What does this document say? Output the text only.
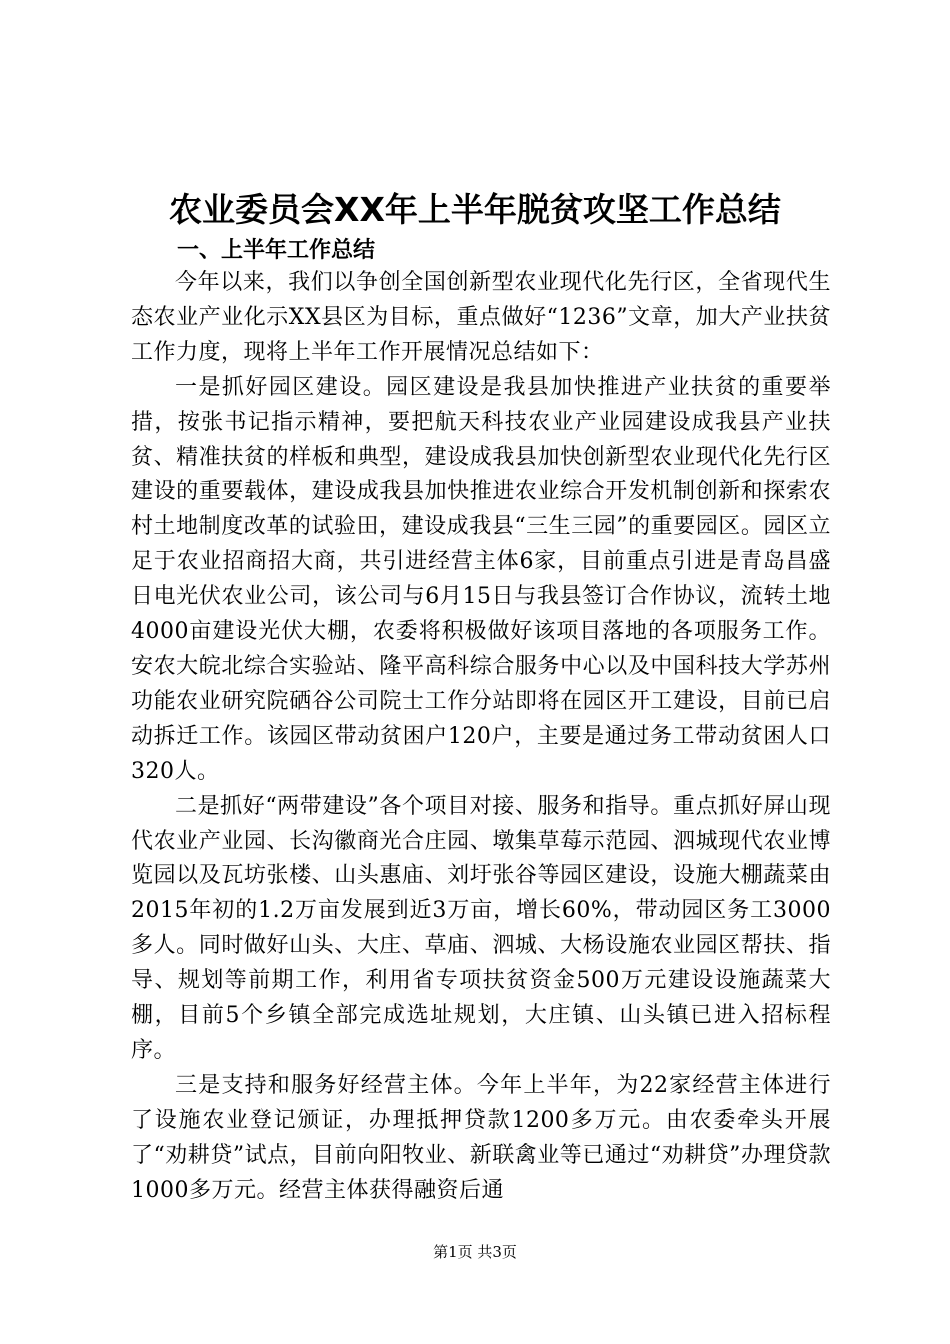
农业委员会XX年上半年脱贫攻坚工作总结
一、上半年工作总结

今年以来，我们以争创全国创新型农业现代化先行区，全省现代生态农业产业化示XX县区为目标，重点做好“1236”文章，加大产业扶贫工作力度，现将上半年工作开展情况总结如下：

一是抓好园区建设。园区建设是我县加快推进产业扶贫的重要举措，按张书记指示精神，要把航天科技农业产业园建设成我县产业扶贫、精准扶贫的样板和典型，建设成我县加快创新型农业现代化先行区建设的重要载体，建设成我县加快推进农业综合开发机制创新和探索农村土地制度改革的试验田，建设成我县“三生三园”的重要园区。园区立足于农业招商招大商，共引进经营主体6家，目前重点引进是青岛昌盛日电光伏农业公司，该公司与6月15日与我县签订合作协议，流转土地4000亩建设光伏大棚，农委将积极做好该项目落地的各项服务工作。安农大皖北综合实验站、隆平高科综合服务中心以及中国科技大学苏州功能农业研究院硒谷公司院士工作分站即将在园区开工建设，目前已启动拆迁工作。该园区带动贫困户120户，主要是通过务工带动贫困人口320人。

二是抓好“两带建设”各个项目对接、服务和指导。重点抓好屏山现代农业产业园、长沟徽商光合庄园、墩集草莓示范园、泗城现代农业博览园以及瓦坊张楼、山头惠庙、刘圩张谷等园区建设，设施大棚蔬菜由2015年初的1.2万亩发展到近3万亩，增长60%，带动园区务工3000多人。同时做好山头、大庄、草庙、泗城、大杨设施农业园区帮扶、指导、规划等前期工作，利用省专项扶贫资金500万元建设设施蔬菜大棚，目前5个乡镇全部完成选址规划，大庄镇、山头镇已进入招标程序。

三是支持和服务好经营主体。今年上半年，为22家经营主体进行了设施农业登记颁证，办理抵押贷款1200多万元。由农委牵头开展了“劝耕贷”试点，目前向阳牧业、新联禽业等已通过“劝耕贷”办理贷款1000多万元。经营主体获得融资后通

第1页 共3页
